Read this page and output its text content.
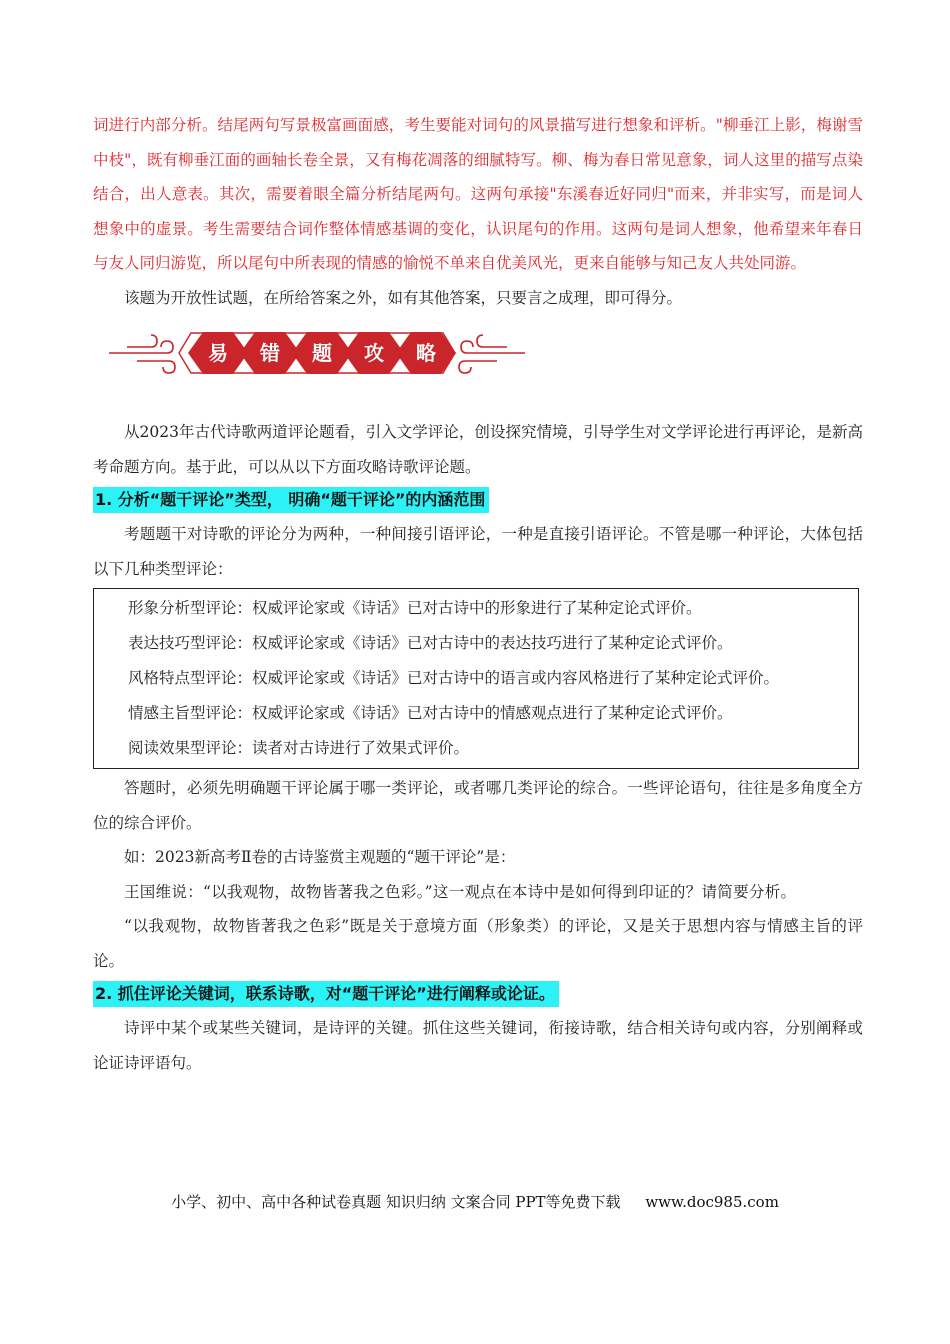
词进行内部分析。结尾两句写景极富画面感，考生要能对词句的风景描写进行想象和评析。"柳垂江上影，梅谢雪中枝"，既有柳垂江面的画轴长卷全景，又有梅花凋落的细腻特写。柳、梅为春日常见意象，词人这里的描写点染结合，出人意表。其次，需要着眼全篇分析结尾两句。这两句承接"东溪春近好同归"而来，并非实写，而是词人想象中的虚景。考生需要结合词作整体情感基调的变化，认识尾句的作用。这两句是词人想象，他希望来年春日与友人同归游览，所以尾句中所表现的情感的愉悦不单来自优美风光，更来自能够与知己友人共处同游。

该题为开放性试题，在所给答案之外，如有其他答案，只要言之成理，即可得分。

易	错	题	攻	略

从2023年古代诗歌两道评论题看，引入文学评论，创设探究情境，引导学生对文学评论进行再评论，是新高考命题方向。基于此，可以从以下方面攻略诗歌评论题。

1. 分析“题干评论”类型， 明确“题干评论”的内涵范围

考题题干对诗歌的评论分为两种，一种间接引语评论，一种是直接引语评论。不管是哪一种评论，大体包括以下几种类型评论：

形象分析型评论：权威评论家或《诗话》已对古诗中的形象进行了某种定论式评价。

表达技巧型评论：权威评论家或《诗话》已对古诗中的表达技巧进行了某种定论式评价。

风格特点型评论：权威评论家或《诗话》已对古诗中的语言或内容风格进行了某种定论式评价。

情感主旨型评论：权威评论家或《诗话》已对古诗中的情感观点进行了某种定论式评价。

阅读效果型评论：读者对古诗进行了效果式评价。

答题时，必须先明确题干评论属于哪一类评论，或者哪几类评论的综合。一些评论语句，往往是多角度全方位的综合评价。

如：2023新高考Ⅱ卷的古诗鉴赏主观题的“题干评论”是：

王国维说：“以我观物，故物皆著我之色彩。”这一观点在本诗中是如何得到印证的？请简要分析。

“以我观物，故物皆著我之色彩”既是关于意境方面（形象类）的评论，又是关于思想内容与情感主旨的评论。

2. 抓住评论关键词，联系诗歌，对“题干评论”进行阐释或论证。

诗评中某个或某些关键词，是诗评的关键。抓住这些关键词，衔接诗歌，结合相关诗句或内容，分别阐释或论证诗评语句。

小学、初中、高中各种试卷真题 知识归纳 文案合同 PPT等免费下载 www.doc985.com
